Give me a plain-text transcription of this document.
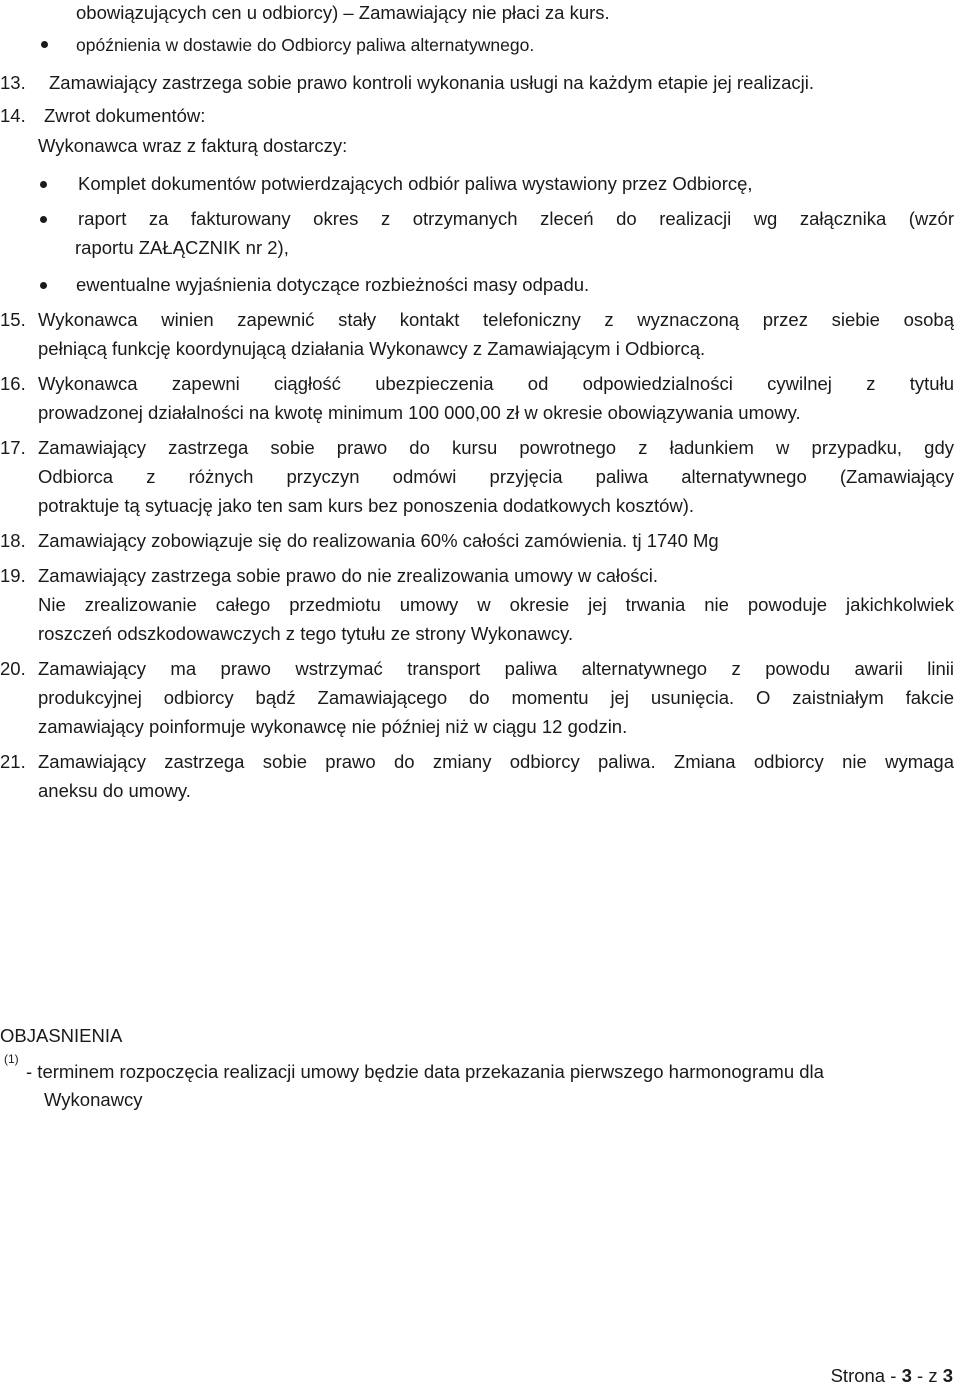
obowiązujących cen u odbiorcy) – Zamawiający nie płaci za kurs.
opóźnienia w dostawie do Odbiorcy paliwa alternatywnego.
13.	Zamawiający zastrzega sobie prawo kontroli wykonania usługi na każdym etapie jej realizacji.
14. Zwrot dokumentów:
Wykonawca wraz z fakturą dostarczy:
Komplet dokumentów potwierdzających odbiór paliwa wystawiony przez Odbiorcę,
raport za fakturowany okres z otrzymanych zleceń do realizacji wg załącznika (wzór
raportu ZAŁĄCZNIK nr 2),
ewentualne wyjaśnienia dotyczące rozbieżności masy odpadu.
15. Wykonawca winien zapewnić stały kontakt telefoniczny z wyznaczoną przez siebie osobą
pełniącą funkcję koordynującą działania Wykonawcy z Zamawiającym i Odbiorcą.
16. Wykonawca zapewni ciągłość ubezpieczenia od odpowiedzialności cywilnej z tytułu
prowadzonej działalności na kwotę minimum 100 000,00 zł w okresie obowiązywania umowy.
17. Zamawiający zastrzega sobie prawo do kursu powrotnego z ładunkiem w przypadku, gdy
Odbiorca z różnych przyczyn odmówi przyjęcia paliwa alternatywnego (Zamawiający
potraktuje tą sytuację jako ten sam kurs bez ponoszenia dodatkowych kosztów).
18. Zamawiający zobowiązuje się do realizowania 60% całości zamówienia. tj 1740 Mg
19. Zamawiający zastrzega sobie prawo do nie zrealizowania umowy w całości.
Nie zrealizowanie całego przedmiotu umowy w okresie jej trwania nie powoduje jakichkolwiek
roszczeń odszkodowawczych z tego tytułu ze strony Wykonawcy.
20. Zamawiający ma prawo wstrzymać transport paliwa alternatywnego z powodu awarii linii
produkcyjnej odbiorcy bądź Zamawiającego do momentu jej usunięcia. O zaistniałym fakcie
zamawiający poinformuje wykonawcę nie później niż w ciągu 12 godzin.
21. Zamawiający zastrzega sobie prawo do zmiany odbiorcy paliwa. Zmiana odbiorcy nie wymaga
aneksu do umowy.
OBJASNIENIA
(1)
- terminem rozpoczęcia realizacji umowy będzie data przekazania pierwszego harmonogramu dla
Wykonawcy
Strona - 3 - z 3
